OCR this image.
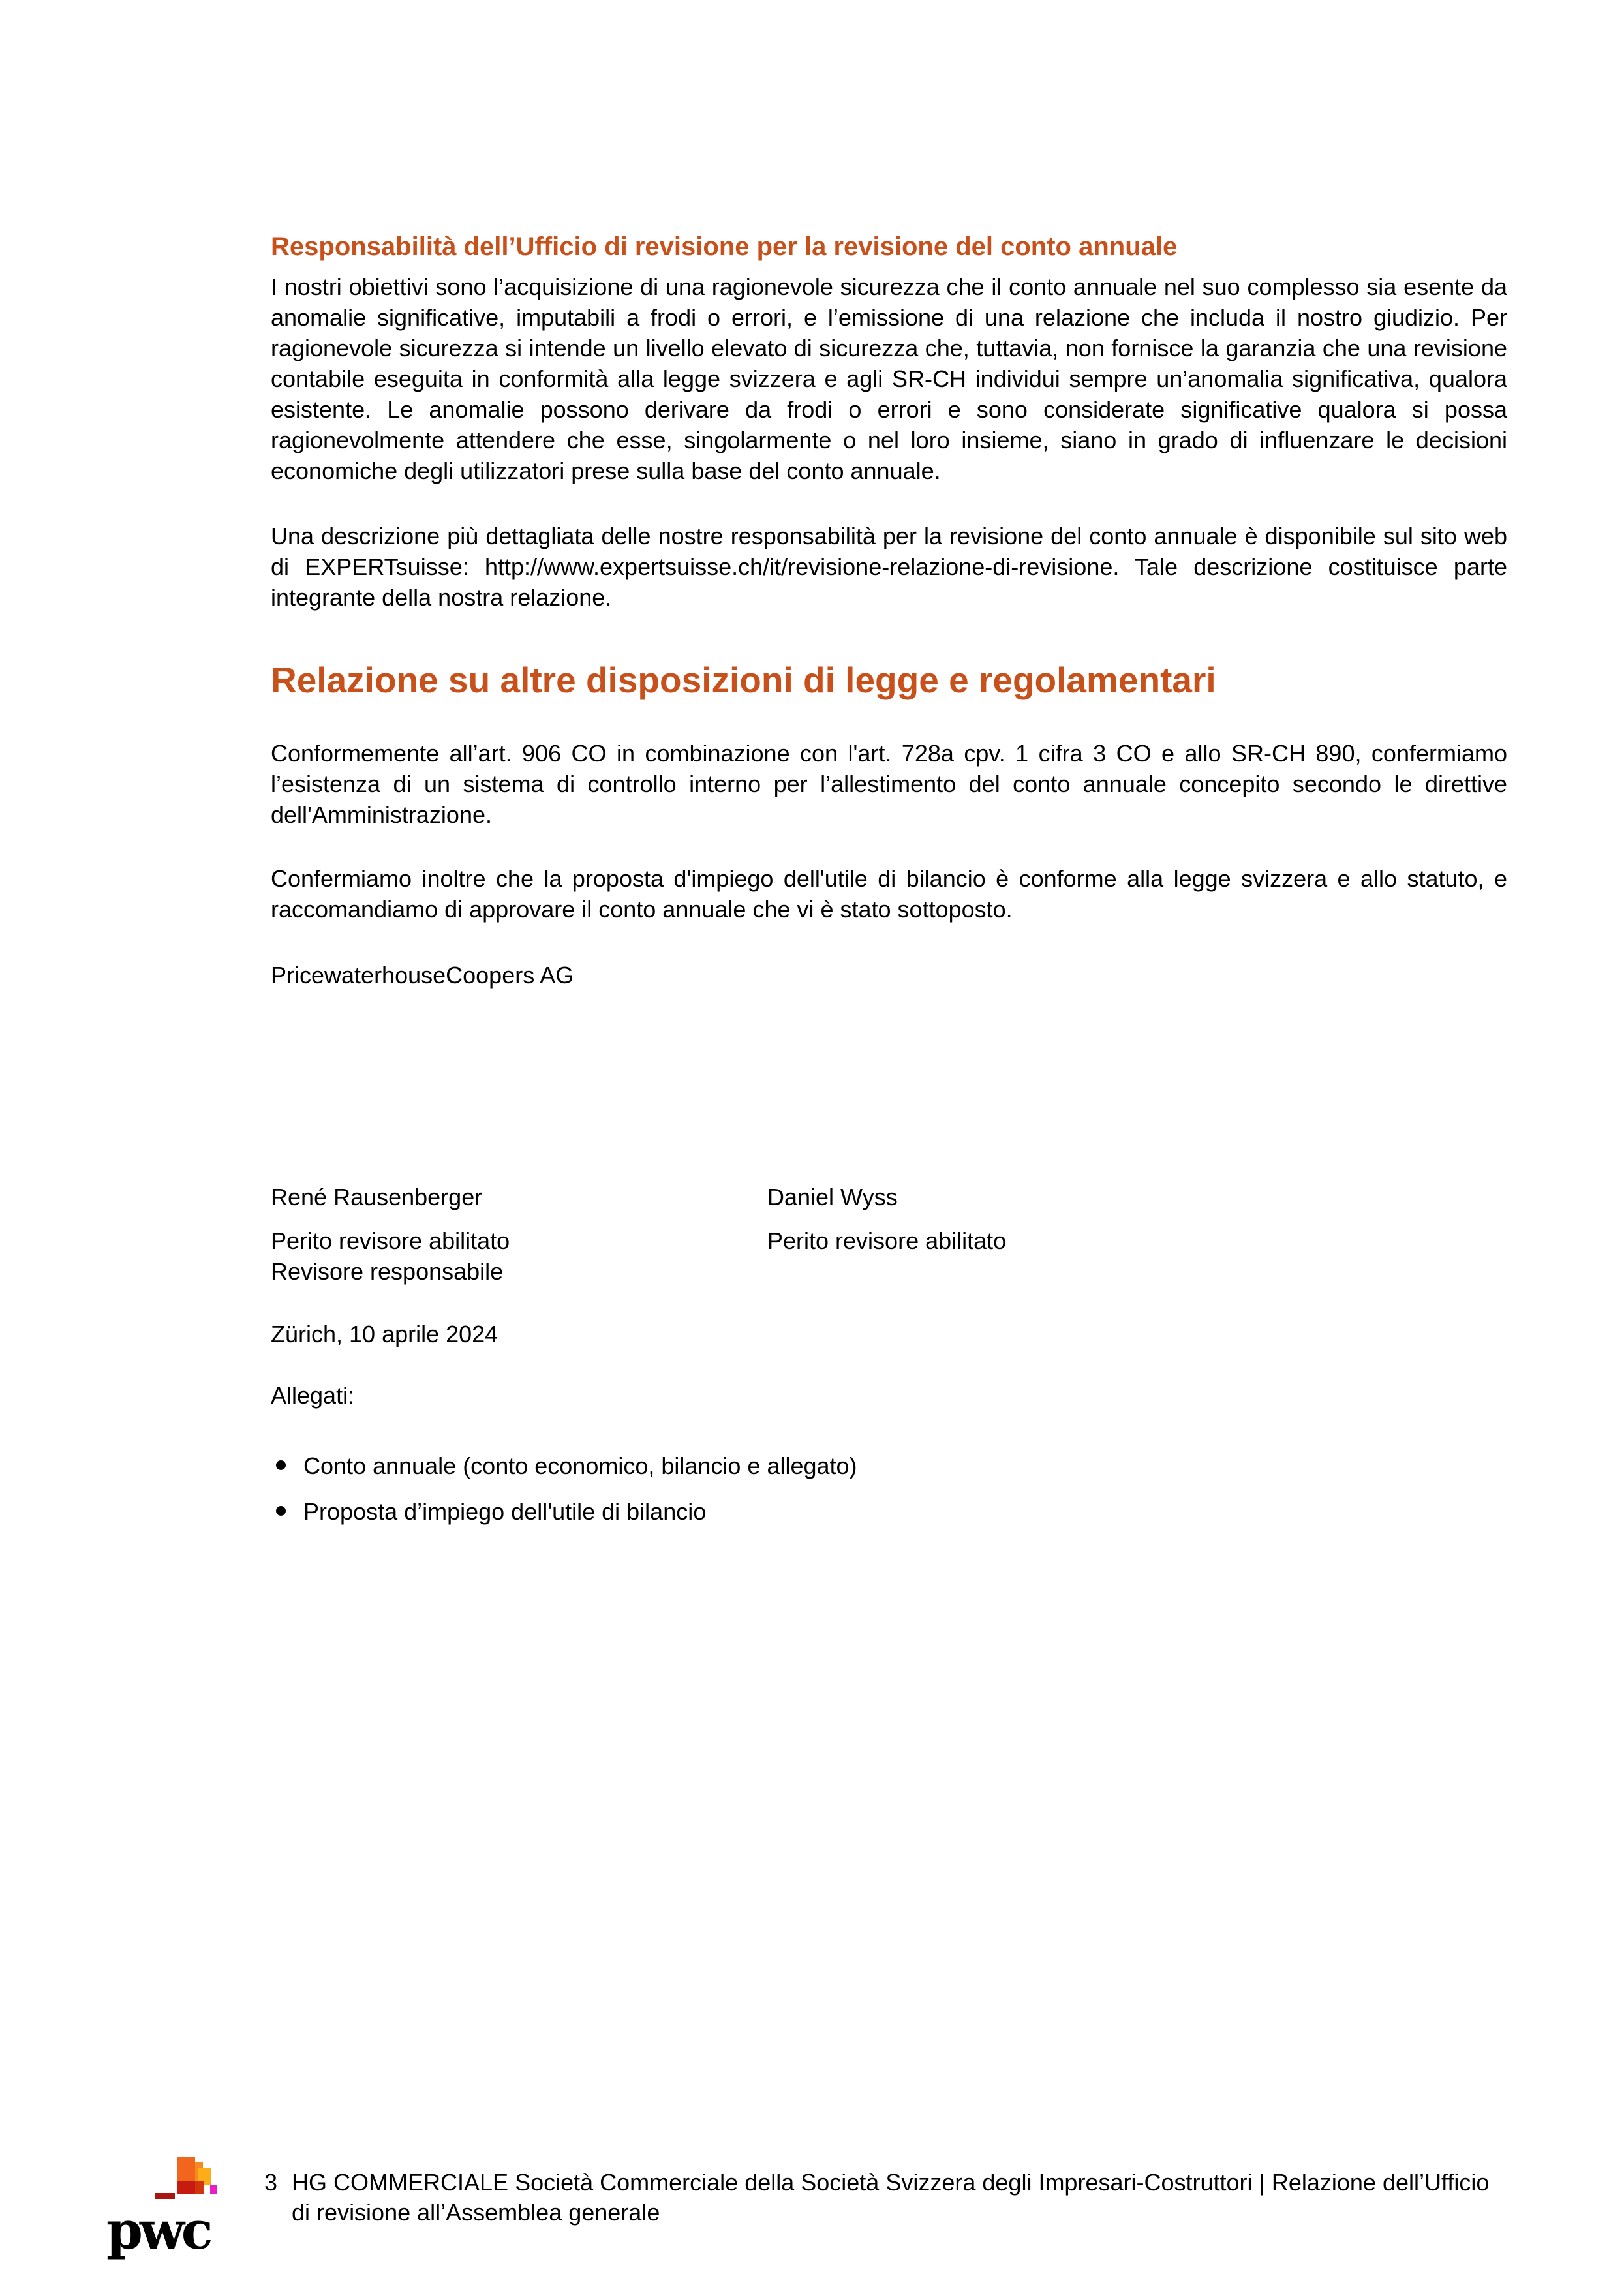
Responsabilità dell’Ufficio di revisione per la revisione del conto annuale

I nostri obiettivi sono l’acquisizione di una ragionevole sicurezza che il conto annuale nel suo complesso sia esente da anomalie significative, imputabili a frodi o errori, e l’emissione di una relazione che includa il nostro giudizio. Per ragionevole sicurezza si intende un livello elevato di sicurezza che, tuttavia, non fornisce la garanzia che una revisione contabile eseguita in conformità alla legge svizzera e agli SR-CH individui sempre un’anomalia significativa, qualora esistente. Le anomalie possono derivare da frodi o errori e sono considerate significative qualora si possa ragionevolmente attendere che esse, singolarmente o nel loro insieme, siano in grado di influenzare le decisioni economiche degli utilizzatori prese sulla base del conto annuale.

Una descrizione più dettagliata delle nostre responsabilità per la revisione del conto annuale è disponibile sul sito web di EXPERTsuisse: http://www.expertsuisse.ch/it/revisione-relazione-di-revisione. Tale descrizione costituisce parte integrante della nostra relazione.

Relazione su altre disposizioni di legge e regolamentari

Conformemente all’art. 906 CO in combinazione con l'art. 728a cpv. 1 cifra 3 CO e allo SR-CH 890, confermiamo l’esistenza di un sistema di controllo interno per l’allestimento del conto annuale concepito secondo le direttive dell'Amministrazione.

Confermiamo inoltre che la proposta d'impiego dell'utile di bilancio è conforme alla legge svizzera e allo statuto, e raccomandiamo di approvare il conto annuale che vi è stato sottoposto.

PricewaterhouseCoopers AG

René Rausenberger

Perito revisore abilitato

Revisore responsabile

Daniel Wyss

Perito revisore abilitato

Zürich, 10 aprile 2024

Allegati:

Conto annuale (conto economico, bilancio e allegato)
Proposta d’impiego dell'utile di bilancio
pwc
3 HG COMMERCIALE Società Commerciale della Società Svizzera degli Impresari-Costruttori | Relazione dell’Ufficio di revisione all’Assemblea generale
